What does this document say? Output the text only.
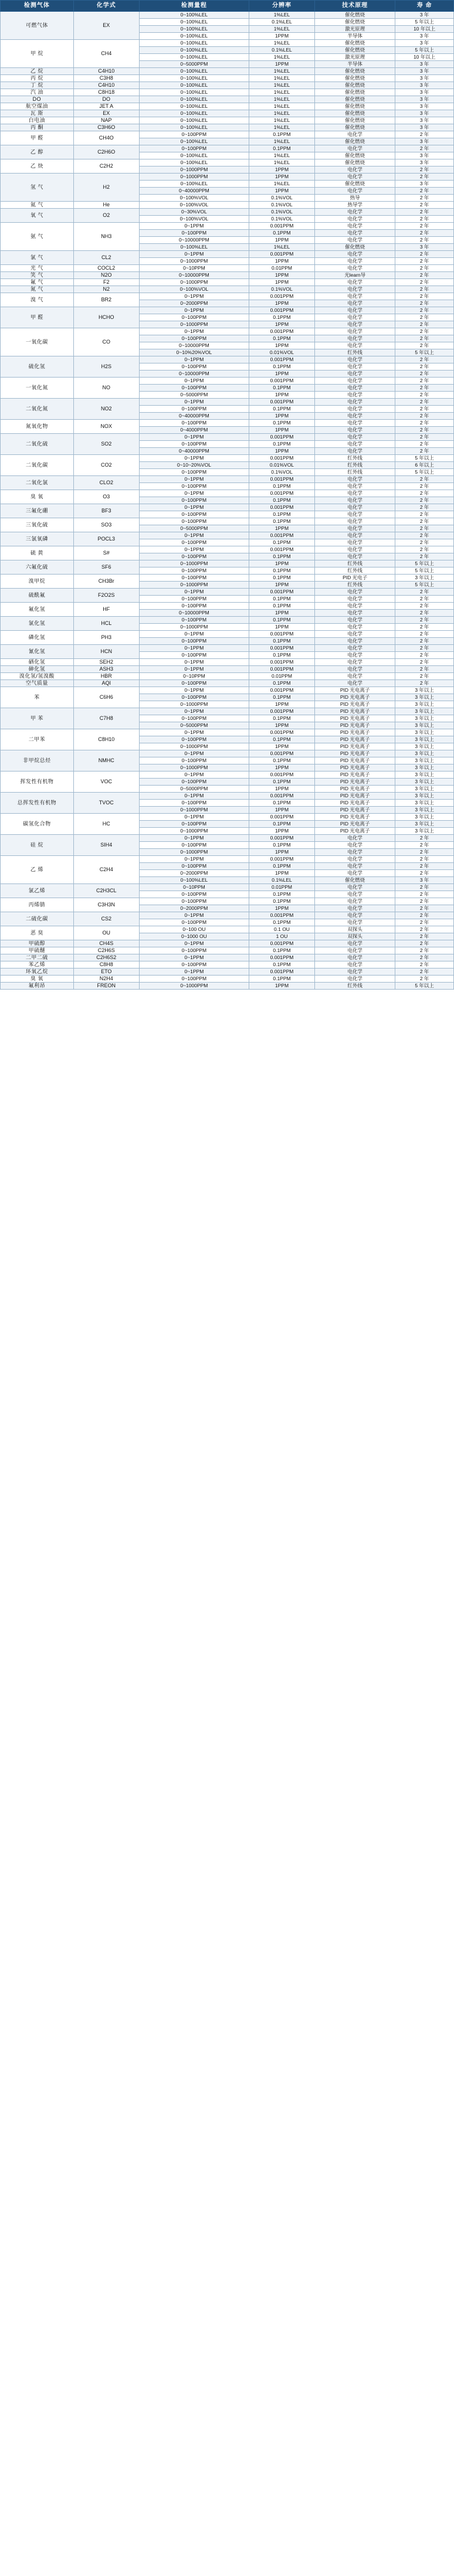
检测气体	化学式	检测量程	分辨率	技术原理	寿 命
可燃气体	EX	0~100%LEL	1%LEL	催化燃烧	3 年
		0~100%LEL	0.1%LEL	催化燃烧	5 年以上
		0~100%LEL	1%LEL	激光原理	10 年以上
		0~100%LEL	1PPM	半导体	3 年
甲 烷	CH4	0~100%LEL	1%LEL	催化燃烧	3 年
		0~100%LEL	0.1%LEL	催化燃烧	5 年以上
		0~100%LEL	1%LEL	激光原理	10 年以上
		0~5000PPM	1PPM	半导体	3 年
乙 烷	C4H10	0~100%LEL	1%LEL	催化燃烧	3 年
丙 烷	C3H8	0~100%LEL	1%LEL	催化燃烧	3 年
丁 烷	C4H10	0~100%LEL	1%LEL	催化燃烧	3 年
汽 油	C8H18	0~100%LEL	1%LEL	催化燃烧	3 年
DO	DO	0~100%LEL	1%LEL	催化燃烧	3 年
航空煤油	JET A	0~100%LEL	1%LEL	催化燃烧	3 年
瓦 斯	EX	0~100%LEL	1%LEL	催化燃烧	3 年
白电油	NAP	0~100%LEL	1%LEL	催化燃烧	3 年
丙 酮	C3H6O	0~100%LEL	1%LEL	催化燃烧	3 年
甲 醛	CH4O	0~100PPM	0.1PPM	电化学	2 年
		0~100%LEL	1%LEL	催化燃烧	3 年
乙 醇	C2H6O	0~100PPM	0.1PPM	电化学	2 年
		0~100%LEL	1%LEL	催化燃烧	3 年
乙 炔	C2H2	0~100%LEL	1%LEL	催化燃烧	3 年
		0~1000PPM	1PPM	电化学	2 年
氢 气	H2	0~1000PPM	1PPM	电化学	2 年
		0~100%LEL	1%LEL	催化燃烧	3 年
		0~40000PPM	1PPM	电化学	2 年
		0~100%VOL	0.1%VOL	热导	2 年
氦 气	He	0~100%VOL	0.1%VOL	热导学	2 年
氧 气	O2	0~30%VOL	0.1%VOL	电化学	2 年
		0~100%VOL	0.1%VOL	电化学	2 年
氨 气	NH3	0~1PPM	0.001PPM	电化学	2 年
		0~100PPM	0.1PPM	电化学	2 年
		0~10000PPM	1PPM	电化学	2 年
		0~100%LEL	1%LEL	催化燃烧	3 年
氯 气	CL2	0~1PPM	0.001PPM	电化学	2 年
		0~1000PPM	1PPM	电化学	2 年
光 气	COCL2	0~10PPM	0.01PPM	电化学	2 年
笑 气	N2O	0~10000PPM	1PPM	光learn导	2 年
氟 气	F2	0~1000PPM	1PPM	电化学	2 年
氮 气	N2	0~100%VOL	0.1%VOL	电化学	2 年
溴 气	BR2	0~1PPM	0.001PPM	电化学	2 年
		0~2000PPM	1PPM	电化学	2 年
甲 醛	HCHO	0~1PPM	0.001PPM	电化学	2 年
		0~100PPM	0.1PPM	电化学	2 年
		0~1000PPM	1PPM	电化学	2 年
一氧化碳	CO	0~1PPM	0.001PPM	电化学	2 年
		0~100PPM	0.1PPM	电化学	2 年
		0~10000PPM	1PPM	电化学	2 年
		0~10%20%VOL	0.01%VOL	红外线	5 年以上
硫化氢	H2S	0~1PPM	0.001PPM	电化学	2 年
		0~100PPM	0.1PPM	电化学	2 年
		0~10000PPM	1PPM	电化学	2 年
一氧化氮	NO	0~1PPM	0.001PPM	电化学	2 年
		0~100PPM	0.1PPM	电化学	2 年
		0~5000PPM	1PPM	电化学	2 年
二氧化氮	NO2	0~1PPM	0.001PPM	电化学	2 年
		0~100PPM	0.1PPM	电化学	2 年
		0~40000PPM	1PPM	电化学	2 年
氮氧化物	NOX	0~100PPM	0.1PPM	电化学	2 年
		0~4000PPM	1PPM	电化学	2 年
二氧化硫	SO2	0~1PPM	0.001PPM	电化学	2 年
		0~100PPM	0.1PPM	电化学	2 年
		0~40000PPM	1PPM	电化学	2 年
二氧化碳	CO2	0~1PPM	0.001PPM	红外线	5 年以上
		0~10~20%VOL	0.01%VOL	红外线	6 年以上
		0~100PPM	0.1%VOL	红外线	5 年以上
二氧化氯	CLO2	0~1PPM	0.001PPM	电化学	2 年
		0~100PPM	0.1PPM	电化学	2 年
臭 氧	O3	0~1PPM	0.001PPM	电化学	2 年
		0~100PPM	0.1PPM	电化学	2 年
三氟化硼	BF3	0~1PPM	0.001PPM	电化学	2 年
		0~100PPM	0.1PPM	电化学	2 年
三氧化硫	SO3	0~100PPM	0.1PPM	电化学	2 年
		0~5000PPM	1PPM	电化学	2 年
三氯氧磷	POCL3	0~1PPM	0.001PPM	电化学	2 年
		0~100PPM	0.1PPM	电化学	2 年
硫 黄	S#	0~1PPM	0.001PPM	电化学	2 年
		0~100PPM	0.1PPM	电化学	2 年
六氟化硫	SF6	0~1000PPM	1PPM	红外线	5 年以上
		0~100PPM	0.1PPM	红外线	5 年以上
溴甲烷	CH3Br	0~100PPM	0.1PPM	PID 光电子	3 年以上
		0~1000PPM	1PPM	红外线	5 年以上
硫酰氟	F2O2S	0~1PPM	0.001PPM	电化学	2 年
		0~100PPM	0.1PPM	电化学	2 年
氟化氢	HF	0~100PPM	0.1PPM	电化学	2 年
		0~10000PPM	1PPM	电化学	2 年
氯化氢	HCL	0~100PPM	0.1PPM	电化学	2 年
		0~1000PPM	1PPM	电化学	2 年
磷化氢	PH3	0~1PPM	0.001PPM	电化学	2 年
		0~100PPM	0.1PPM	电化学	2 年
氰化氢	HCN	0~1PPM	0.001PPM	电化学	2 年
		0~100PPM	0.1PPM	电化学	2 年
硒化氢	SEH2	0~1PPM	0.001PPM	电化学	2 年
砷化氢	ASH3	0~1PPM	0.001PPM	电化学	2 年
溴化氢/氢溴酸	HBR	0~10PPM	0.01PPM	电化学	2 年
空气质量	AQI	0~100PPM	0.1PPM	电化学	2 年
苯	C6H6	0~1PPM	0.001PPM	PID 光电离子	3 年以上
		0~100PPM	0.1PPM	PID 光电离子	3 年以上
		0~1000PPM	1PPM	PID 光电离子	3 年以上
甲 苯	C7H8	0~1PPM	0.001PPM	PID 光电离子	3 年以上
		0~100PPM	0.1PPM	PID 光电离子	3 年以上
		0~5000PPM	1PPM	PID 光电离子	3 年以上
二甲苯	C8H10	0~1PPM	0.001PPM	PID 光电离子	3 年以上
		0~100PPM	0.1PPM	PID 光电离子	3 年以上
		0~1000PPM	1PPM	PID 光电离子	3 年以上
非甲烷总烃	NMHC	0~1PPM	0.001PPM	PID 光电离子	3 年以上
		0~100PPM	0.1PPM	PID 光电离子	3 年以上
		0~1000PPM	1PPM	PID 光电离子	3 年以上
挥发性有机物	VOC	0~1PPM	0.001PPM	PID 光电离子	3 年以上
		0~100PPM	0.1PPM	PID 光电离子	3 年以上
		0~5000PPM	1PPM	PID 光电离子	3 年以上
总挥发性有机物	TVOC	0~1PPM	0.001PPM	PID 光电离子	3 年以上
		0~100PPM	0.1PPM	PID 光电离子	3 年以上
		0~1000PPM	1PPM	PID 光电离子	3 年以上
碳氢化合物	HC	0~1PPM	0.001PPM	PID 光电离子	3 年以上
		0~100PPM	0.1PPM	PID 光电离子	3 年以上
		0~1000PPM	1PPM	PID 光电离子	3 年以上
硅 烷	SIH4	0~1PPM	0.001PPM	电化学	2 年
		0~100PPM	0.1PPM	电化学	2 年
		0~1000PPM	1PPM	电化学	2 年
乙 烯	C2H4	0~1PPM	0.001PPM	电化学	2 年
		0~100PPM	0.1PPM	电化学	2 年
		0~2000PPM	1PPM	电化学	2 年
		0~100%LEL	0.1%LEL	催化燃烧	3 年
氯乙烯	C2H3CL	0~10PPM	0.01PPM	电化学	2 年
		0~100PPM	0.1PPM	电化学	2 年
丙烯腈	C3H3N	0~100PPM	0.1PPM	电化学	2 年
		0~2000PPM	1PPM	电化学	2 年
二硫化碳	CS2	0~1PPM	0.001PPM	电化学	2 年
		0~100PPM	0.1PPM	电化学	2 年
恶 臭	OU	0~100 OU	0.1 OU	双探头	2 年
		0~1000 OU	1 OU	双探头	2 年
甲硫醇	CH4S	0~1PPM	0.001PPM	电化学	2 年
甲硫醚	C2H6S	0~100PPM	0.1PPM	电化学	2 年
二甲二硫	C2H6S2	0~1PPM	0.001PPM	电化学	2 年
苯乙烯	C8H8	0~100PPM	0.1PPM	电化学	2 年
环氧乙烷	ETO	0~1PPM	0.001PPM	电化学	2 年
臭 氧	N2H4	0~100PPM	0.1PPM	电化学	2 年
氟利昂	FREON	0~1000PPM	1PPM	红外线	5 年以上
